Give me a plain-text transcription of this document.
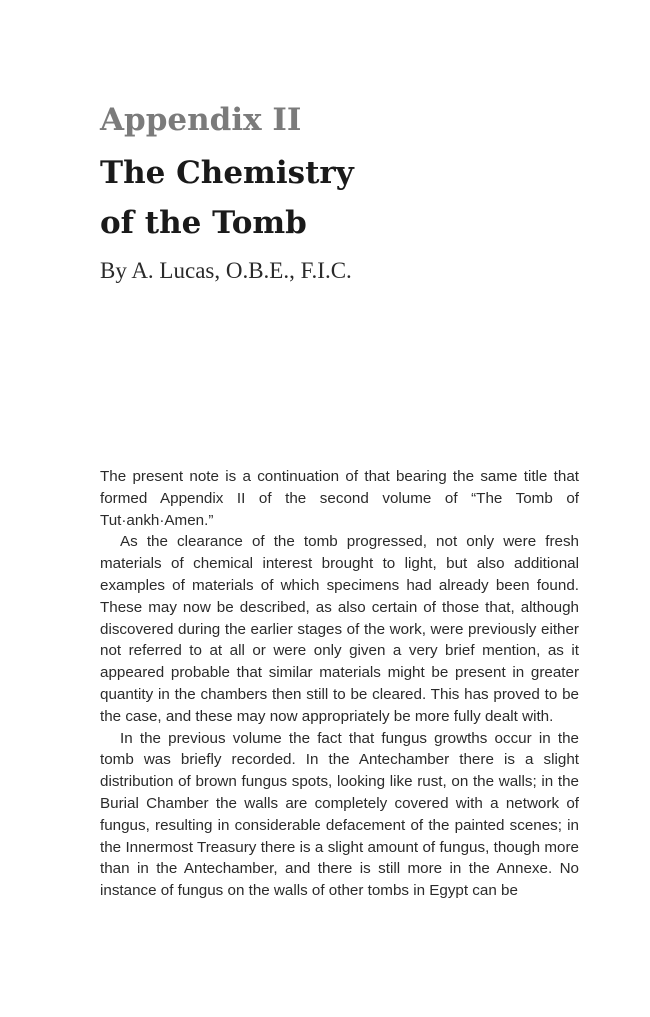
Appendix II
The Chemistry
of the Tomb
By A. Lucas, O.B.E., F.I.C.

The present note is a continuation of that bearing the same title that formed Appendix II of the second volume of “The Tomb of Tut·ankh·Amen.”

As the clearance of the tomb progressed, not only were fresh materials of chemical interest brought to light, but also additional examples of materials of which specimens had already been found. These may now be described, as also certain of those that, although discovered during the earlier stages of the work, were previously either not referred to at all or were only given a very brief mention, as it appeared probable that similar materials might be present in greater quantity in the chambers then still to be cleared. This has proved to be the case, and these may now appropriately be more fully dealt with.

In the previous volume the fact that fungus growths occur in the tomb was briefly recorded. In the Antechamber there is a slight distribution of brown fungus spots, looking like rust, on the walls; in the Burial Chamber the walls are completely covered with a network of fungus, resulting in considerable defacement of the painted scenes; in the Innermost Treasury there is a slight amount of fungus, though more than in the Antechamber, and there is still more in the Annexe. No instance of fungus on the walls of other tombs in Egypt can be
